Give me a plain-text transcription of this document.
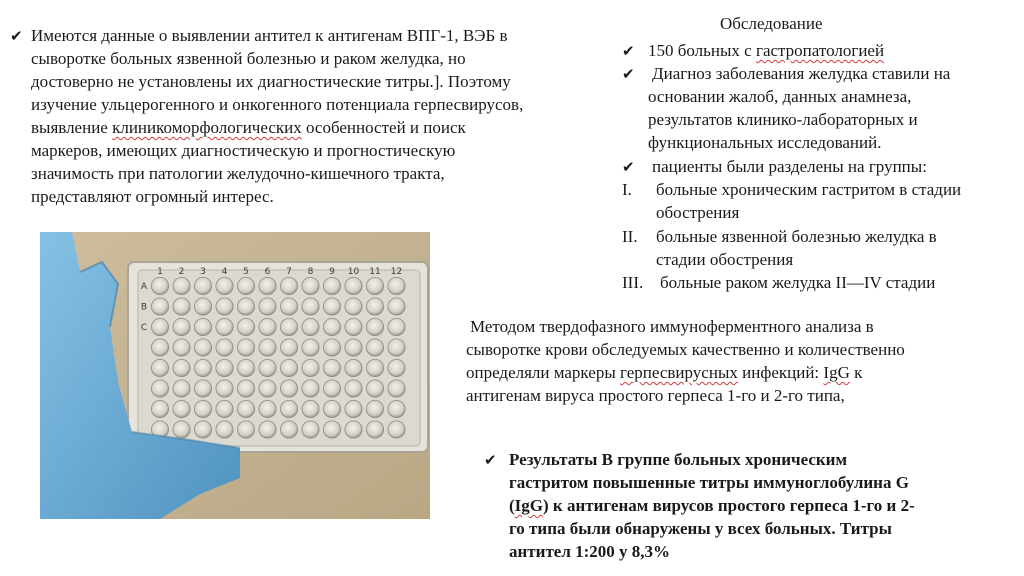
✔ Имеются данные о выявлении антител к антигенам ВПГ-1, ВЭБ в
сыворотке больных язвенной болезнью и раком желудка, но
достоверно не установлены их диагностические титры.]. Поэтому
изучение ульцерогенного и онкогенного потенциала герпесвирусов,
выявление клиникоморфологических особенностей и поиск
маркеров, имеющих диагностическую и прогностическую
значимость при патологии желудочно-кишечного тракта,
представляют огромный интерес.
1 2 3 4 5 6 7 8 9 10 11 12
A
B
C
Обследование
✔ 150 больных с гастропатологией
✔ Диагноз заболевания желудка ставили на
основании жалоб, данных анамнеза,
результатов клинико-лабораторных и
функциональных исследований.
✔ пациенты были разделены на группы:
I. больные хроническим гастритом в стадии
обострения
II. больные язвенной болезнью желудка в
стадии обострения
III. больные раком желудка II—IV стадии
Методом твердофазного иммуноферментного анализа в
сыворотке крови обследуемых качественно и количественно
определяли маркеры герпесвирусных инфекций: IgG к
антигенам вируса простого герпеса 1-го и 2-го типа,
✔ Результаты В группе больных хроническим
гастритом повышенные титры иммуноглобулина G
(IgG) к антигенам вирусов простого герпеса 1-го и 2-
го типа были обнаружены у всех больных. Титры
антител 1:200 у 8,3%
